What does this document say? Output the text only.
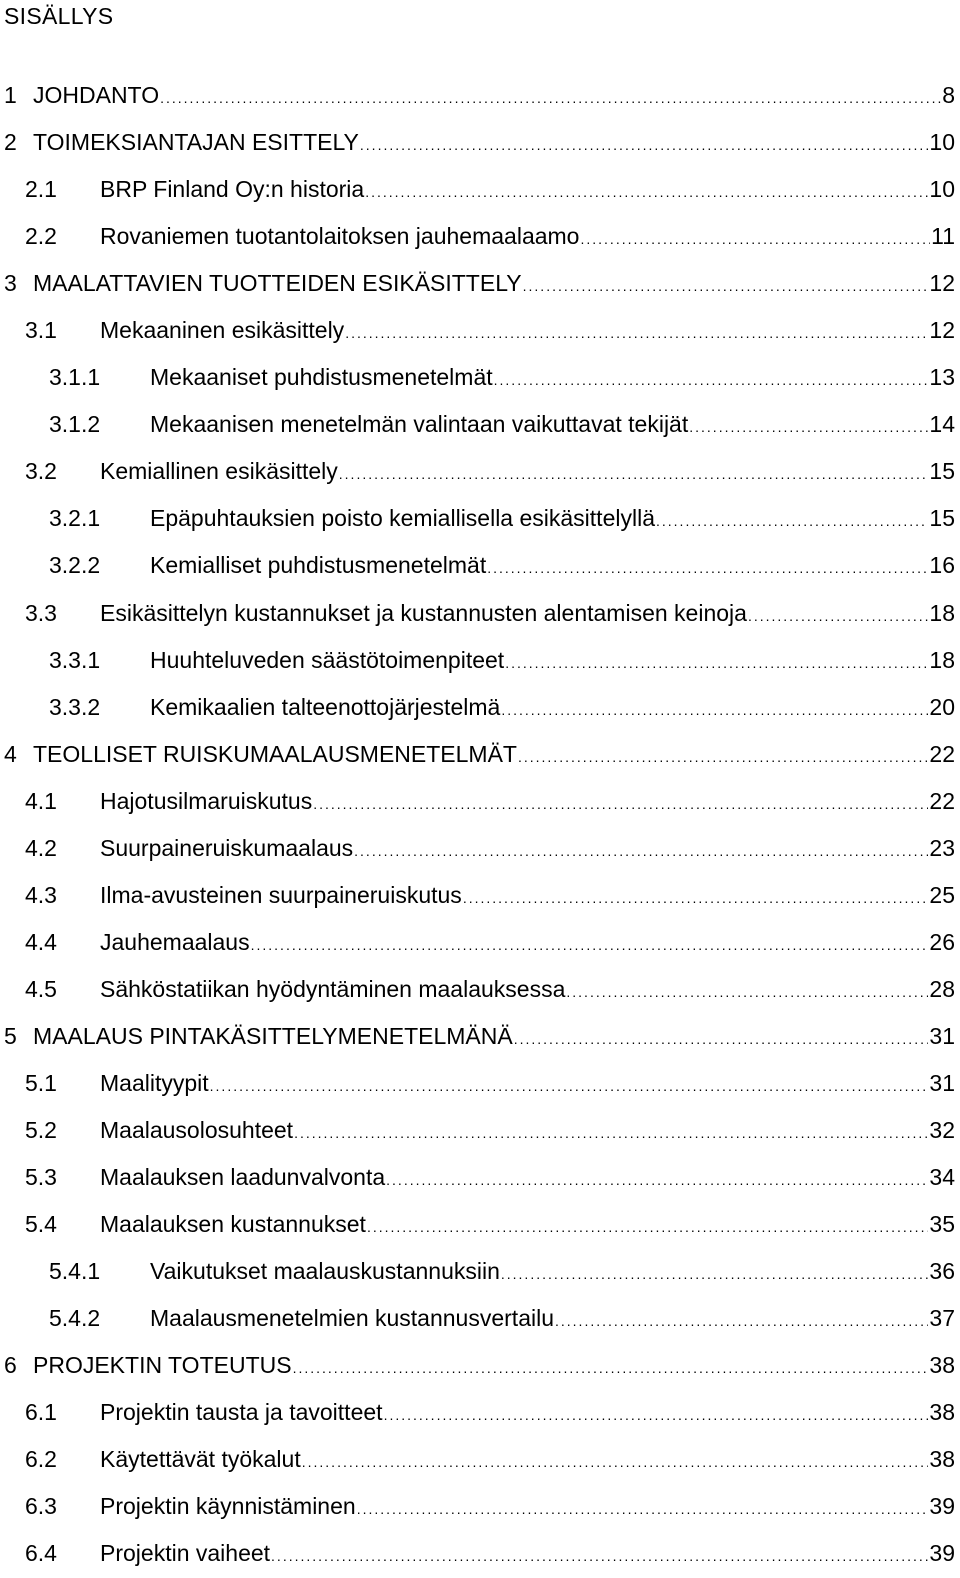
SISÄLLYS
1 JOHDANTO .....	8
2 TOIMEKSIANTAJAN ESITTELY .....	10
2.1	BRP Finland Oy:n historia .....	10
2.2	Rovaniemen tuotantolaitoksen jauhemaalaamo .....	11
3 MAALATTAVIEN TUOTTEIDEN ESIKÄSITTELY .....	12
3.1	Mekaaninen esikäsittely .....	12
3.1.1	Mekaaniset puhdistusmenetelmät .....	13
3.1.2	Mekaanisen menetelmän valintaan vaikuttavat tekijät .....	14
3.2	Kemiallinen esikäsittely .....	15
3.2.1	Epäpuhtauksien poisto kemiallisella esikäsittelyllä .....	15
3.2.2	Kemialliset puhdistusmenetelmät .....	16
3.3	Esikäsittelyn kustannukset ja kustannusten alentamisen keinoja .....	18
3.3.1	Huuhteluveden säästötoimenpiteet .....	18
3.3.2	Kemikaalien talteenottojärjestelmä .....	20
4 TEOLLISET RUISKUMAALAUSMENETELMÄT .....	22
4.1	Hajotusilmaruiskutus .....	22
4.2	Suurpaineruiskumaalaus .....	23
4.3	Ilma-avusteinen suurpaineruiskutus .....	25
4.4	Jauhemaalaus .....	26
4.5	Sähköstatiikan hyödyntäminen maalauksessa .....	28
5 MAALAUS PINTAKÄSITTELYMENETELMÄNÄ .....	31
5.1	Maalityypit .....	31
5.2	Maalausolosuhteet .....	32
5.3	Maalauksen laadunvalvonta .....	34
5.4	Maalauksen kustannukset .....	35
5.4.1	Vaikutukset maalauskustannuksiin .....	36
5.4.2	Maalausmenetelmien kustannusvertailu .....	37
6 PROJEKTIN TOTEUTUS .....	38
6.1	Projektin tausta ja tavoitteet .....	38
6.2	Käytettävät työkalut .....	38
6.3	Projektin käynnistäminen .....	39
6.4	Projektin vaiheet .....	39
